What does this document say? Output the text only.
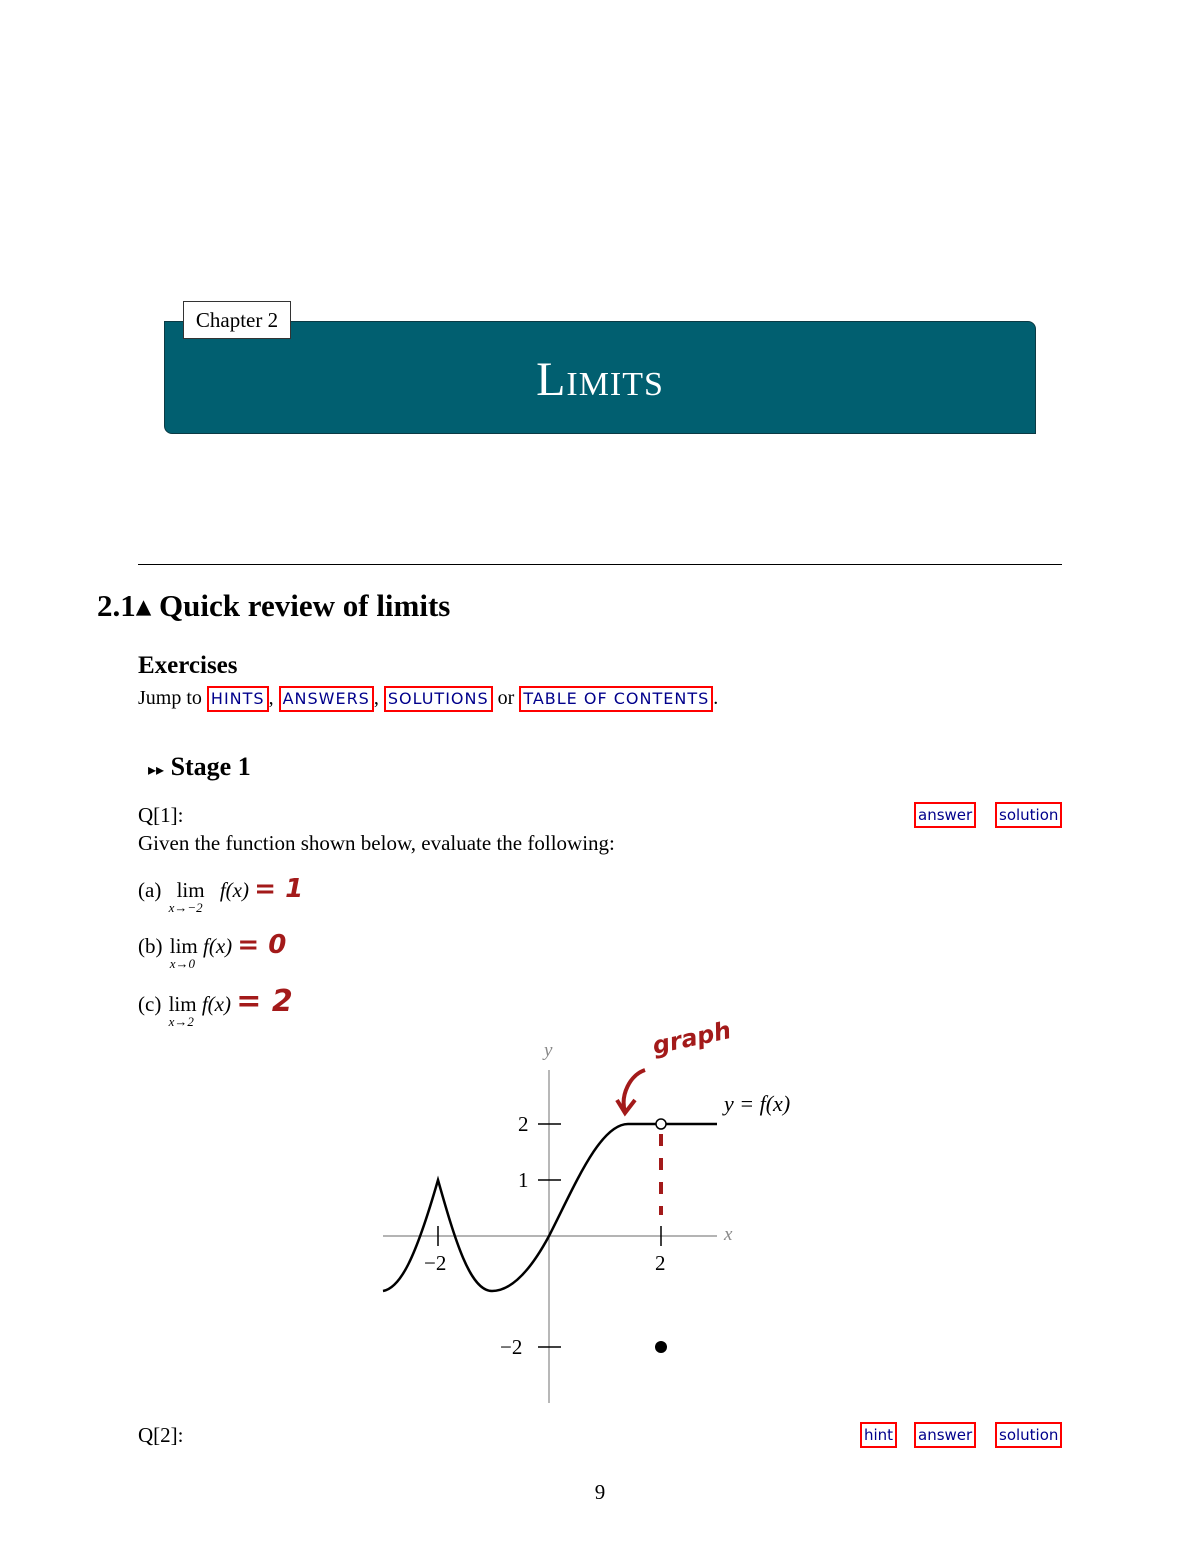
Chapter 2
Limits
2.1▴ Quick review of limits
Exercises
Jump to HINTS , ANSWERS , SOLUTIONS or TABLE OF CONTENTS .
▸▸ Stage 1
Q[1]:	answer solution
Given the function shown below, evaluate the following:
(a) lim
x→−2
f(x) = 1
(b) lim
x→0
f(x) = 0
(c) lim
x→2
f(x) = 2
y
x
y = f(x)
−2	2
2
1
−2
graph
Q[2]:	hint answer solution
9
